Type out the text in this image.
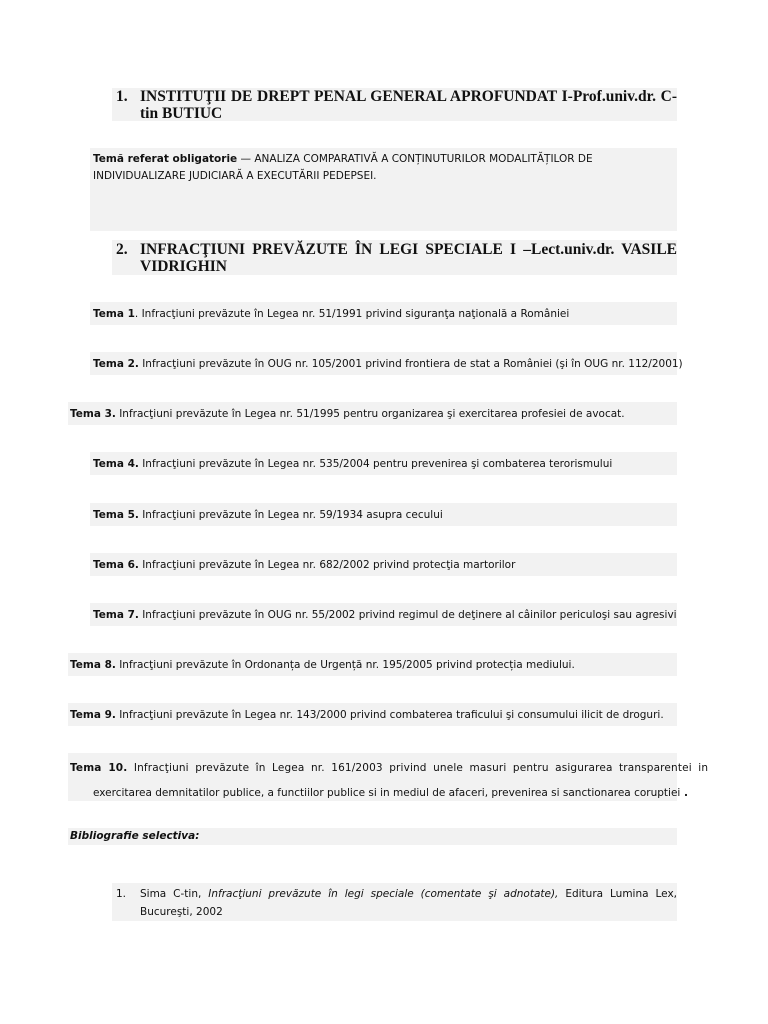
1. INSTITUŢII DE DREPT PENAL GENERAL APROFUNDAT I-Prof.univ.dr. C-tin BUTIUC
Temă referat obligatorie — ANALIZA COMPARATIVĂ A CONȚINUTURILOR MODALITĂȚILOR DE INDIVIDUALIZARE JUDICIARĂ A EXECUTĂRII PEDEPSEI.
2. INFRACŢIUNI PREVĂZUTE ÎN LEGI SPECIALE I –Lect.univ.dr. VASILE VIDRIGHIN
Tema 1. Infracţiuni prevăzute în Legea nr. 51/1991 privind siguranţa naţională a României
Tema 2. Infracţiuni prevăzute în OUG nr. 105/2001 privind frontiera de stat a României (şi în OUG nr. 112/2001)
Tema 3. Infracţiuni prevăzute în Legea nr. 51/1995 pentru organizarea şi exercitarea profesiei de avocat.
Tema 4. Infracţiuni prevăzute în Legea nr. 535/2004 pentru prevenirea şi combaterea terorismului
Tema 5. Infracţiuni prevăzute în Legea nr. 59/1934 asupra cecului
Tema 6. Infracţiuni prevăzute în Legea nr. 682/2002 privind protecţia martorilor
Tema 7. Infracţiuni prevăzute în OUG nr. 55/2002 privind regimul de deţinere al câinilor periculoşi sau agresivi
Tema 8. Infracţiuni prevăzute în Ordonanța de Urgență nr. 195/2005 privind protecția mediului.
Tema 9. Infracţiuni prevăzute în Legea nr. 143/2000 privind combaterea traficului şi consumului ilicit de droguri.
Tema 10. Infracţiuni prevăzute în Legea nr. 161/2003 privind unele masuri pentru asigurarea transparentei in
exercitarea demnitatilor publice, a functiilor publice si in mediul de afaceri, prevenirea si sanctionarea coruptiei .
Bibliografie selectiva:
1. Sima C-tin, Infracţiuni prevăzute în legi speciale (comentate şi adnotate), Editura Lumina Lex, Bucureşti, 2002
